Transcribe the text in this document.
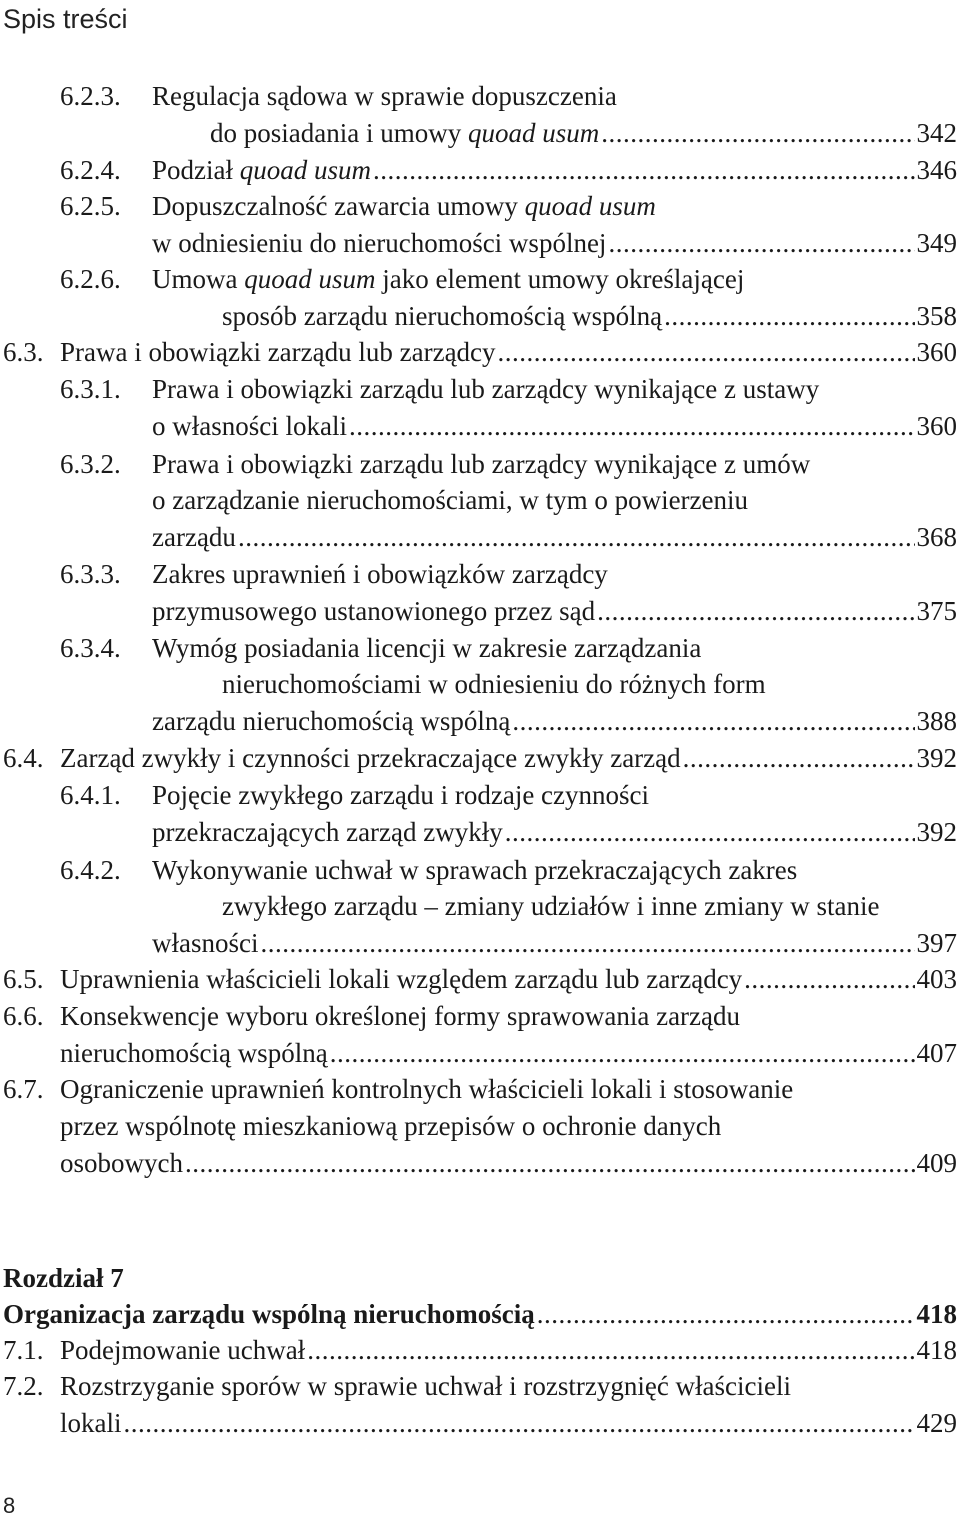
Spis treści
6.2.3. Regulacja sądowa w sprawie dopuszczenia
do posiadania i umowy quoad usum .....	342
6.2.4. Podział quoad usum .....	346
6.2.5. Dopuszczalność zawarcia umowy quoad usum
w odniesieniu do nieruchomości wspólnej .....	349
6.2.6. Umowa quoad usum jako element umowy określającej
sposób zarządu nieruchomością wspólną .....	358
6.3. Prawa i obowiązki zarządu lub zarządcy .....	360
6.3.1. Prawa i obowiązki zarządu lub zarządcy wynikające z ustawy
o własności lokali .....	360
6.3.2. Prawa i obowiązki zarządu lub zarządcy wynikające z umów
o zarządzanie nieruchomościami, w tym o powierzeniu
zarządu .....	368
6.3.3. Zakres uprawnień i obowiązków zarządcy
przymusowego ustanowionego przez sąd .....	375
6.3.4. Wymóg posiadania licencji w zakresie zarządzania
nieruchomościami w odniesieniu do różnych form
zarządu nieruchomością wspólną .....	388
6.4. Zarząd zwykły i czynności przekraczające zwykły zarząd .....	392
6.4.1. Pojęcie zwykłego zarządu i rodzaje czynności
przekraczających zarząd zwykły .....	392
6.4.2. Wykonywanie uchwał w sprawach przekraczających zakres
zwykłego zarządu – zmiany udziałów i inne zmiany w stanie
własności .....	397
6.5. Uprawnienia właścicieli lokali względem zarządu lub zarządcy .....	403
6.6. Konsekwencje wyboru określonej formy sprawowania zarządu
nieruchomością wspólną .....	407
6.7. Ograniczenie uprawnień kontrolnych właścicieli lokali i stosowanie
przez wspólnotę mieszkaniową przepisów o ochronie danych
osobowych .....	409
Rozdział 7
Organizacja zarządu wspólną nieruchomością .....	418
7.1. Podejmowanie uchwał .....	418
7.2. Rozstrzyganie sporów w sprawie uchwał i rozstrzygnięć właścicieli
lokali .....	429
8
